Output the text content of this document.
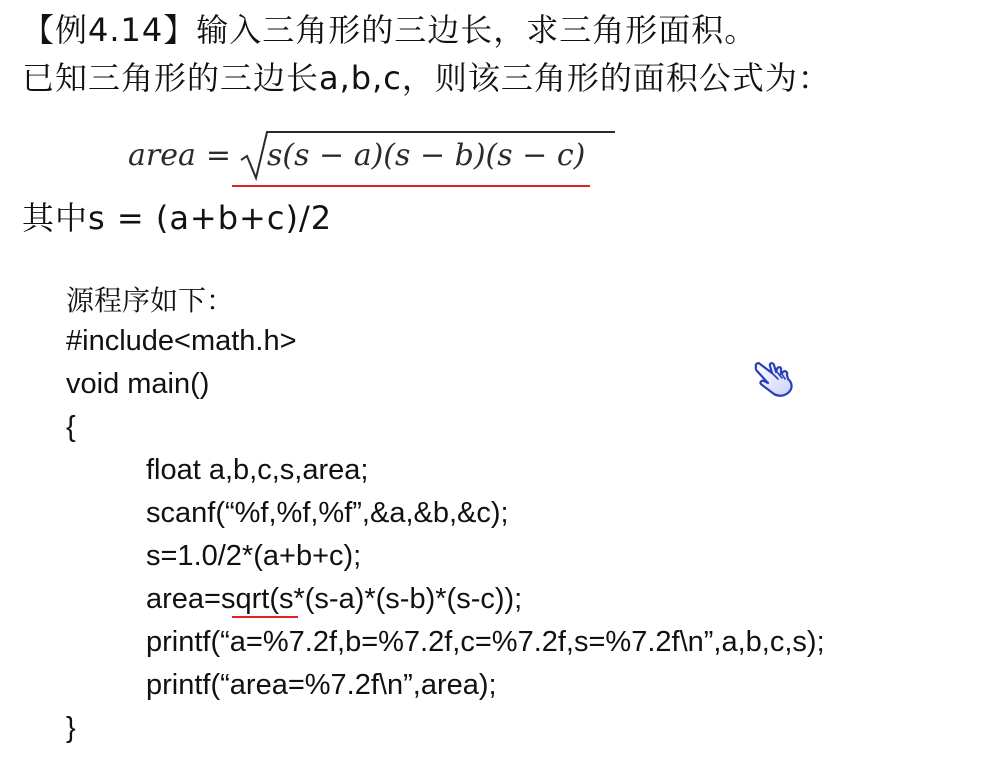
【例4.14】输入三角形的三边长，求三角形面积。
已知三角形的三边长a,b,c，则该三角形的面积公式为：
area = s(s − a)(s − b)(s − c)
其中s = (a+b+c)/2
源程序如下：
#include<math.h>
void main()
{
float a,b,c,s,area;
scanf(“%f,%f,%f”,&a,&b,&c);
s=1.0/2*(a+b+c);
area=sqrt(s*(s-a)*(s-b)*(s-c));
printf(“a=%7.2f,b=%7.2f,c=%7.2f,s=%7.2f\n”,a,b,c,s);
printf(“area=%7.2f\n”,area);
}
